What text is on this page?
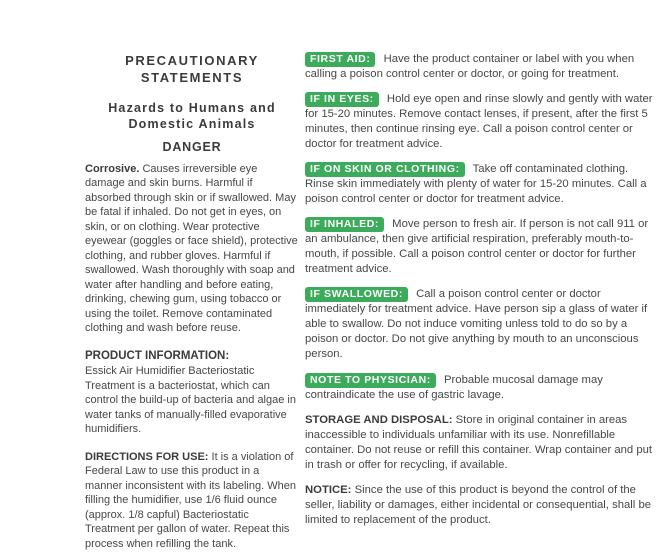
PRECAUTIONARY
STATEMENTS
Hazards to Humans and
Domestic Animals
DANGER

Corrosive. Causes irreversible eye damage and skin burns. Harmful if absorbed through skin or if swallowed. May be fatal if inhaled. Do not get in eyes, on skin, or on clothing. Wear protective eyewear (goggles or face shield), protective clothing, and rubber gloves. Harmful if swallowed. Wash thoroughly with soap and water after handling and before eating, drinking, chewing gum, using tobacco or using the toilet. Remove contaminated clothing and wash before reuse.

PRODUCT INFORMATION:

Essick Air Humidifier Bacteriostatic Treatment is a bacteriostat, which can control the build-up of bacteria and algae in water tanks of manually-filled evaporative humidifiers.

DIRECTIONS FOR USE: It is a violation of Federal Law to use this product in a manner inconsistent with its labeling. When filling the humidifier, use 1/6 fluid ounce (approx. 1/8 capful) Bacteriostatic Treatment per gallon of water. Repeat this process when refilling the tank.

FIRST AID: Have the product container or label with you when calling a poison control center or doctor, or going for treatment.

IF IN EYES: Hold eye open and rinse slowly and gently with water for 15-20 minutes. Remove contact lenses, if present, after the first 5 minutes, then continue rinsing eye. Call a poison control center or doctor for treatment advice.

IF ON SKIN OR CLOTHING: Take off contaminated clothing. Rinse skin immediately with plenty of water for 15-20 minutes. Call a poison control center or doctor for treatment advice.

IF INHALED: Move person to fresh air. If person is not call 911 or an ambulance, then give artificial respiration, preferably mouth-to-mouth, if possible. Call a poison control center or doctor for further treatment advice.

IF SWALLOWED: Call a poison control center or doctor immediately for treatment advice. Have person sip a glass of water if able to swallow. Do not induce vomiting unless told to do so by a poison or doctor. Do not give anything by mouth to an unconscious person.

NOTE TO PHYSICIAN: Probable mucosal damage may contraindicate the use of gastric lavage.

STORAGE AND DISPOSAL: Store in original container in areas inaccessible to individuals unfamiliar with its use. Nonrefillable container. Do not reuse or refill this container. Wrap container and put in trash or offer for recycling, if available.

NOTICE: Since the use of this product is beyond the control of the seller, liability or damages, either incidental or consequential, shall be limited to replacement of the product.
